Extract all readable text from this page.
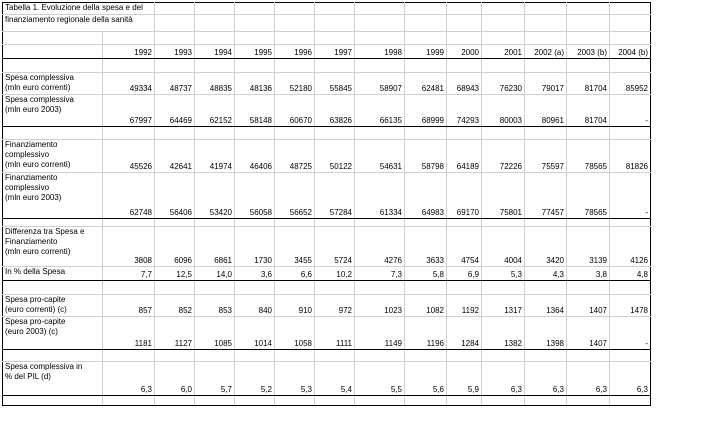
Tabella 1. Evoluzione della spesa e del													
finanziamento regionale della sanità													

	1992	1993	1994	1995	1996	1997	1998	1999	2000	2001	2002 (a)	2003 (b)	2004 (b)

Spesa complessiva
(mln euro correnti)	49334	48737	48835	48136	52180	55845	58907	62481	68943	76230	79017	81704	85952

Spesa complessiva
(mln euro 2003)	67997	64469	62152	58148	60670	63826	66135	68999	74293	80003	80961	81704	-

Finanziamento
complessivo
(mln euro correnti)	45526	42641	41974	46406	48725	50122	54631	58798	64189	72226	75597	78565	81826

Finanziamento
complessivo
(mln euro 2003)	62748	56406	53420	56058	56652	57284	61334	64983	69170	75801	77457	78565	-

Differenza tra Spesa e
Finanziamento
(mln euro correnti)	3808	6096	6861	1730	3455	5724	4276	3633	4754	4004	3420	3139	4126

In % della Spesa	7,7	12,5	14,0	3,6	6,6	10,2	7,3	5,8	6,9	5,3	4,3	3,8	4,8

Spesa pro-capite
(euro correnti) (c)	857	852	853	840	910	972	1023	1082	1192	1317	1364	1407	1478

Spesa pro-capite
(euro 2003) (c)	1181	1127	1085	1014	1058	1111	1149	1196	1284	1382	1398	1407	-

Spesa complessiva in
% del PIL (d)	6,3	6,0	5,7	5,2	5,3	5,4	5,5	5,6	5,9	6,3	6,3	6,3	6,3
